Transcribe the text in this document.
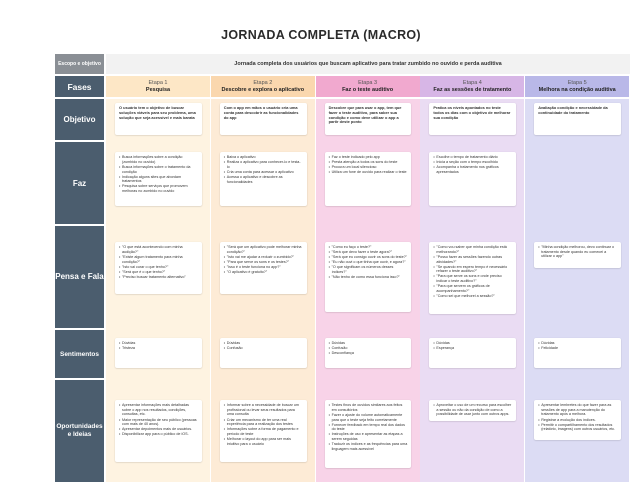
JORNADA COMPLETA (MACRO)
Escopo e objetivo
Fases
Objetivo
Faz
Pensa e Fala
Sentimentos
Oportunidades e Ideias
Jornada completa dos usuários que buscam aplicativo para tratar zumbido no ouvido e perda auditiva
Etapa 1
Pesquisa
O usuário tem o objetivo de buscar soluções viáveis para seu problema, uma solução que seja acessível e mais barata
• Busca informações sobre a condição (zumbido no ouvido)
• Busca informações sobre o tratamento da condição
• Indicação alguns sites que abordam tratamentos
• Pesquisa sobre serviços que promovem melhoras no zumbido no ouvido
• "O que está acontecendo com minha audição?"
• "Existe algum tratamento para minha condição?"
• "Isto vai curar o que tenho?"
• "Será que é o que tenho?"
• "Preciso buscar tratamento alternativo"
• Dúvidas
• Tristeza
• Apresentar informações mais detalhadas sobre o app nos resultados, condições, consultas, etc.
• Maior representação de seu público (pessoas com mais de 40 anos).
• Apresentar depoimentos mais de usuários.
• Disponibilizar app para o público de iOS.
Etapa 2
Descobre e explora o aplicativo
Com o app em mãos o usuário cria uma conta para descobrir as funcionalidades do app
• Baixa o aplicativo
• Realiza o aplicativo para conhecer-lo e testa-lo
• Cria uma conta para acessar o aplicativo
• Acessa o aplicativo e descobre as funcionalidades
• "Será que um aplicativo pode melhorar minha condição?"
• "Isto vai me ajudar a reduzir o zumbido?"
• "Para que serve os sons e os testes?"
• "Isso é o teste funciona no app?"
• "O aplicativo é gratuito?"
• Dúvidas
• Confusão
• Informar sobre a necessidade de buscar um profissional ou levar seus resultados para uma consulta
• Criar um mecanismo de ter uma real experiência para a realização dos testes
• Informações sobre a forma de pagamento e período de teste
• Melhorar o layout do app para ser mais intuitivo para o usuário
Etapa 3
Faz o teste auditivo
Descobre que para usar o app, tem que fazer o teste auditivo, para saber sua condição e como deve utilizar o app a partir deste ponto
• Faz o teste indicado pelo app
• Presta atenção a todos os sons do teste
• Procura um local silencioso
• Utiliza um fone de ouvido para realizar o teste
• "Como eu faço o teste?"
• "Será que devo fazer o teste agora?"
• "Será que eu consigo ouvir os sons do teste?"
• "Eu não ouvi o que tinha que ouvir, e agora?"
• "O que significam os números desses índices?"
• "Não tenho de como essa funciona isso?"
• Dúvidas
• Confusão
• Desconfiança
• Testes finos de ouvidos similares aos feitos em consultórios
• Fazer o ajuste do volume automaticamente para que o teste seja feito corretamente
• Fornecer feedback em tempo real dos dados do teste
• Instruções de uso e apresentar as etapas a serem seguidas
• Traduzir os índices e as frequências para uma linguagem mais acessível
Etapa 4
Faz as sessões de tratamento
Pratica os níveis apontados no teste todos os dias com o objetivo de melhorar sua condição
• Escolhe o tempo de tratamento diário
• Inicia a seção com o tempo escolhido
• Acompanha o tratamento nos gráficos apresentados
• "Como vou saber que minha condição está melhorando?"
• "Posso fazer as sessões fazendo outras atividades?"
• "Se quando em espero tempo é necessário refazer o teste auditivo?"
• "Para que serve os sons e onde preciso indicar o teste auditivo?"
• "Para que servem os gráficos de acompanhamento?"
• "Como sei que melhorei a sessão?"
• Dúvidas
• Esperança
• Aproveitar o uso de um recurso para escolher a sessão ou não da condição de como a possibilidade de usar junto com outros apps.
Etapa 5
Melhora na condição auditiva
Avaliação condição e necessidade da continuidade do tratamento
• "Minha condição melhorou, devo continuar o tratamento desde quando eu comecei a utilizar o app"
• Dúvidas
• Felicidade
• Apresentar lembretes do que fazer para as sessões de app para a manutenção do tratamento após a melhora.
• Registrar a evolução dos índices.
• Permitir o compartilhamento dos resultados (relatório, imagens) com outros usuários, etc.
